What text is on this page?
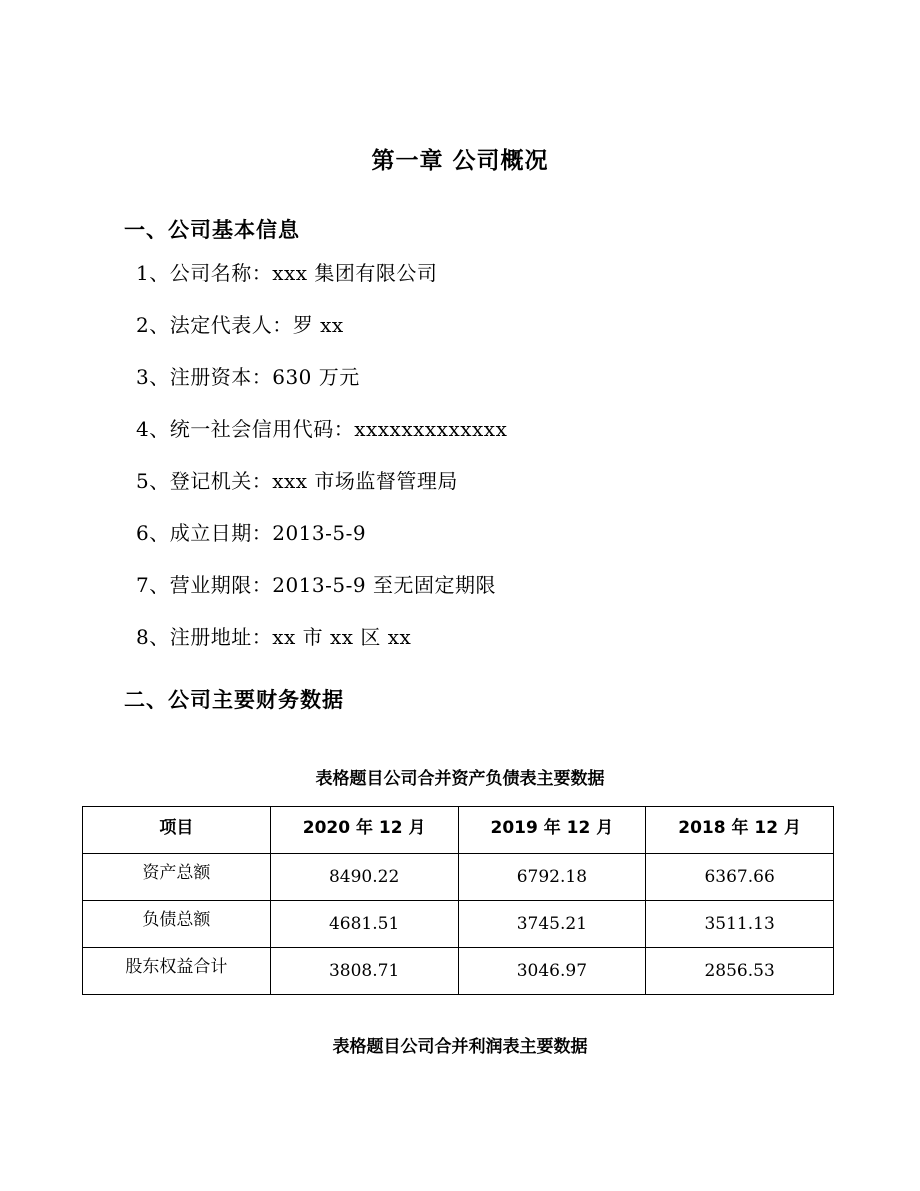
第一章 公司概况
一、公司基本信息
1、公司名称：xxx 集团有限公司
2、法定代表人：罗 xx
3、注册资本：630 万元
4、统一社会信用代码：xxxxxxxxxxxxx
5、登记机关：xxx 市场监督管理局
6、成立日期：2013-5-9
7、营业期限：2013-5-9 至无固定期限
8、注册地址：xx 市 xx 区 xx
二、公司主要财务数据
表格题目公司合并资产负债表主要数据
项目	2020 年 12 月	2019 年 12 月	2018 年 12 月
资产总额	8490.22	6792.18	6367.66
负债总额	4681.51	3745.21	3511.13
股东权益合计	3808.71	3046.97	2856.53
表格题目公司合并利润表主要数据
